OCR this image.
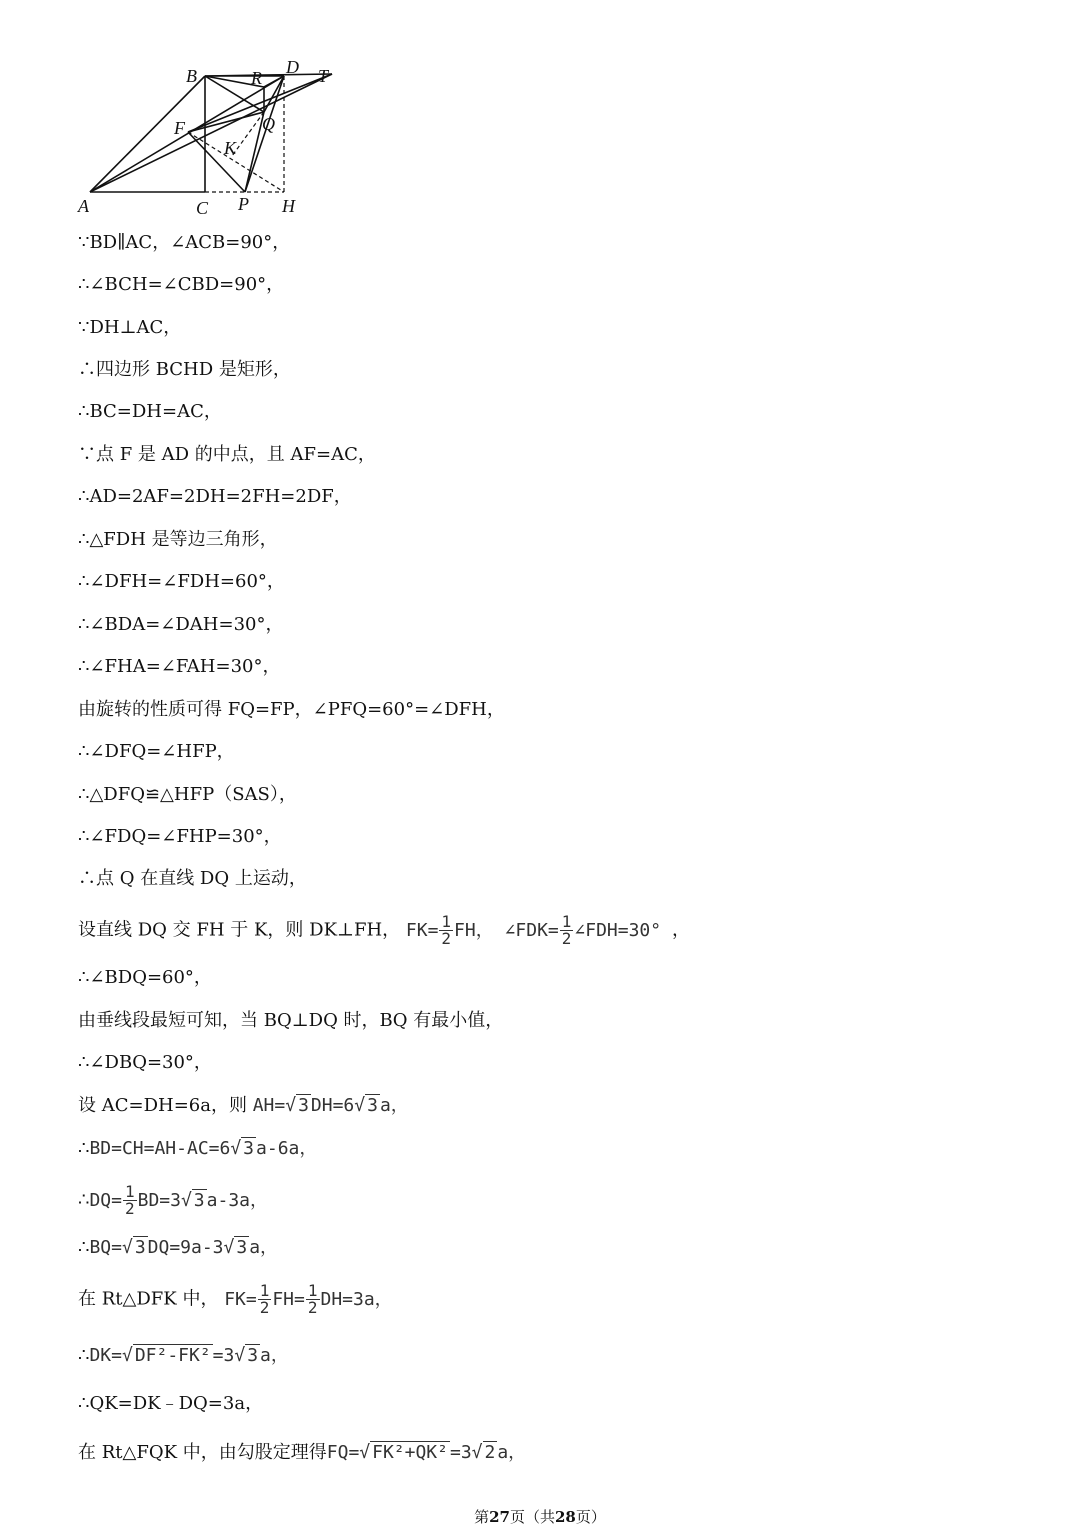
B	R
D T
F	Q
K
A	C P H
∵BD∥AC，∠ACB=90°，
∴∠BCH=∠CBD=90°，
∵DH⊥AC，
∴四边形 BCHD 是矩形，
∴BC=DH=AC，
∵点 F 是 AD 的中点，且 AF=AC，
∴AD=2AF=2DH=2FH=2DF，
∴△FDH 是等边三角形，
∴∠DFH=∠FDH=60°，
∴∠BDA=∠DAH=30°，
∴∠FHA=∠FAH=30°，
由旋转的性质可得 FQ=FP，∠PFQ=60°=∠DFH，
∴∠DFQ=∠HFP，
∴△DFQ≌△HFP（SAS），
∴∠FDQ=∠FHP=30°，
∴点 Q 在直线 DQ 上运动，
设直线 DQ 交 FH 于 K，则 DK⊥FH， $FK= \frac{1}{2}$ FH， ∠FDK= $\frac{1}{2}$ ∠FDH=30° ，
∴∠BDQ=60°，
由垂线段最短可知，当 BQ⊥DQ 时，BQ 有最小值，
∴∠DBQ=30°，
设 AC=DH=6a，则 AH=√ 3 DH=6√ 3 a，
∴BD=CH=AH-AC=6√ 3 a-6a，
∴DQ= $\frac{1}{2} BD=3√$ 3 a-3a，
∴BQ=√ 3 DQ=9a-3√ 3 a，
在 Rt△DFK 中， $FK= \frac{1}{2} FH= \frac{1}{2} DH=3a$，
∴DK=√ DF²-FK² =3√ 3 a，
∴QK=DK﹣DQ=3a，
在 Rt△FQK 中，由勾股定理得FQ=√ FK²+QK² =3√ 2 a，
第27页（共28页）
